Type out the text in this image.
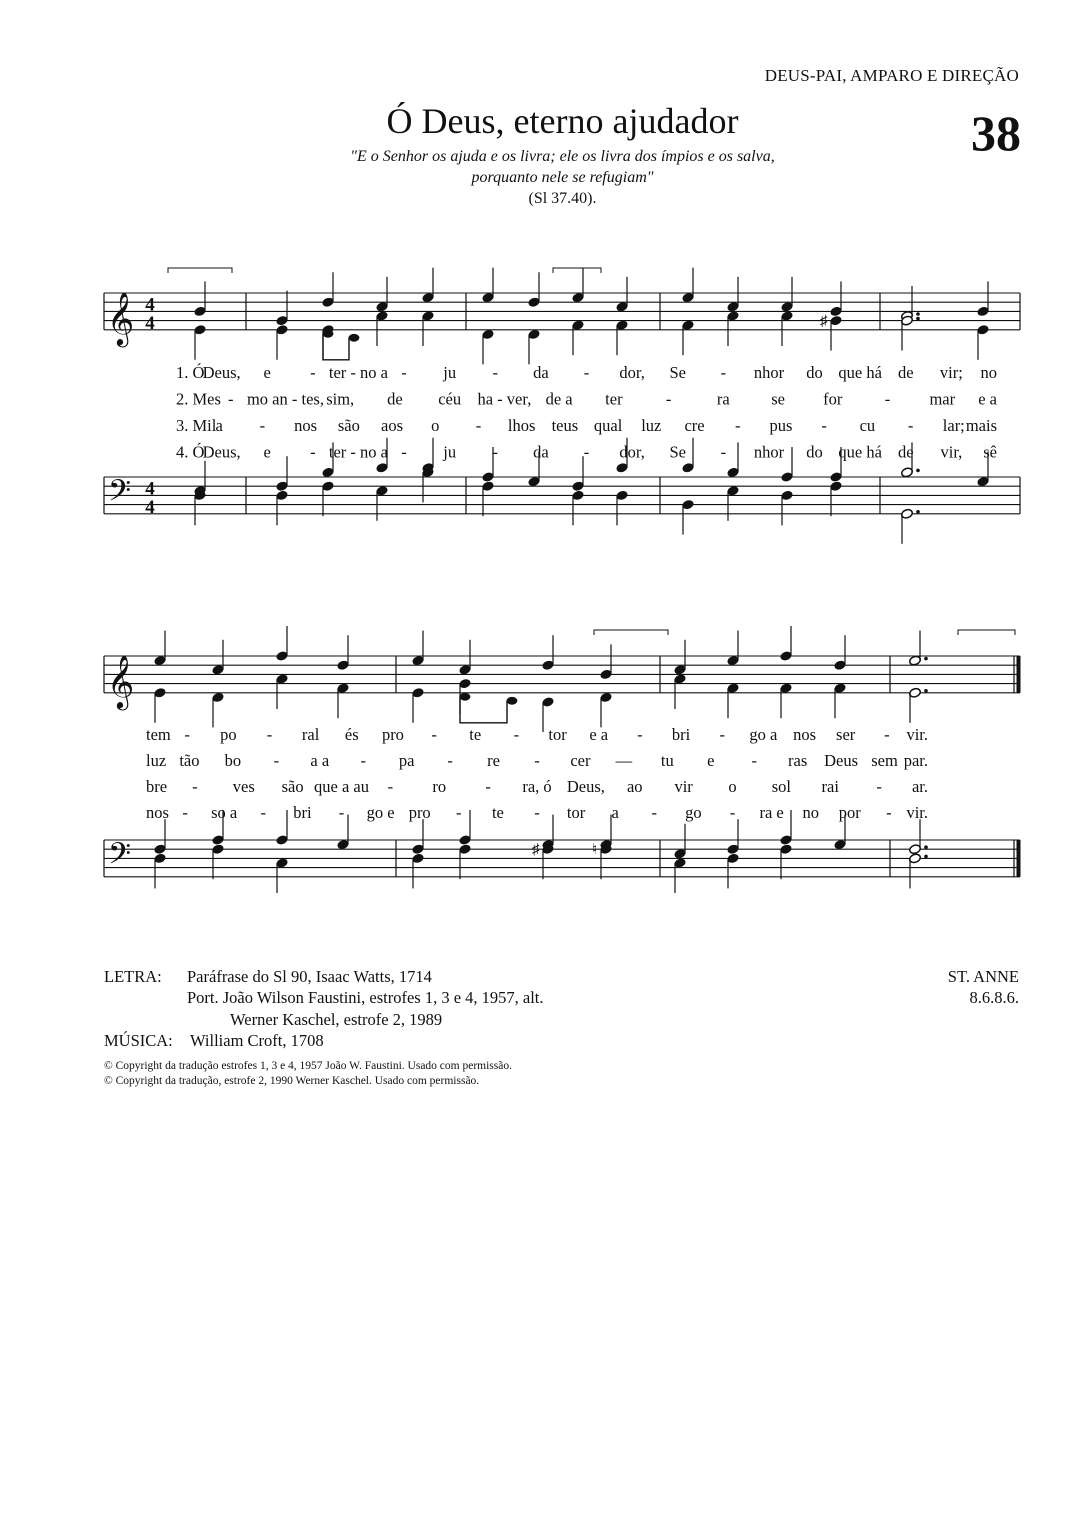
DEUS-PAI, AMPARO E DIREÇÃO
38
Ó Deus, eterno ajudador
"E o Senhor os ajuda e os livra; ele os livra dos ímpios e os salva,
porquanto nele se refugiam"
(Sl 37.40).
𝄞 4
4
𝄢 4
4
♯
1. Ó
Deus, e - ter - no a - ju - da - dor, Se - nhor do que há de vir; no
2. Mes - mo an - tes, sim, de céu ha - ver, de a ter	-	ra	se for	- mar e a
3. Mil a - nos são aos o - lhos teus qual luz cre - pus - cu - lar; mais
4. Ó
Deus, e - ter - no a - ju - da - dor, Se - nhor do que há de vir, sê
𝄞
𝄢	♯	♮
tem - po - ral és pro - te - tor e a - bri - go a nos ser - vir.
luz tão bo - a a - pa - re - cer — tu e - ras Deus sem par.
bre - ves são que a au - ro - ra, ó Deus, ao vir o sol rai - ar.
nos - so a - bri - go e pro - te - tor a - go - ra e no por - vir.
LETRA: Paráfrase do Sl 90, Isaac Watts, 1714
Port. João Wilson Faustini, estrofes 1, 3 e 4, 1957, alt.
Werner Kaschel, estrofe 2, 1989
MÚSICA: William Croft, 1708
ST. ANNE
8.6.8.6.
© Copyright da tradução estrofes 1, 3 e 4, 1957 João W. Faustini. Usado com permissão.
© Copyright da tradução, estrofe 2, 1990 Werner Kaschel. Usado com permissão.
